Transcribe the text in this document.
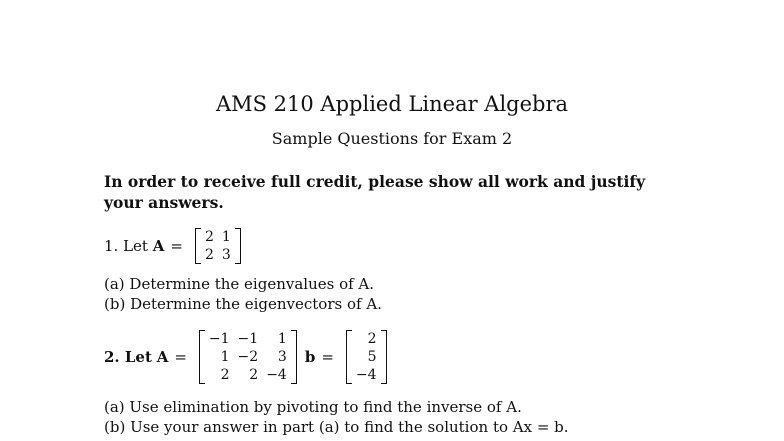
AMS 210 Applied Linear Algebra
Sample Questions for Exam 2
In order to receive full credit, please show all work and justify your answers.
1. Let
A = 2	1
2	3
(a) Determine the eigenvalues of A.
(b) Determine the eigenvectors of A.
2. Let
A =
−1	−1	1
1	−2	3
2	2	−4
b =
2
5
−4
(a) Use elimination by pivoting to find the inverse of A.
(b) Use your answer in part (a) to find the solution to Ax = b.
